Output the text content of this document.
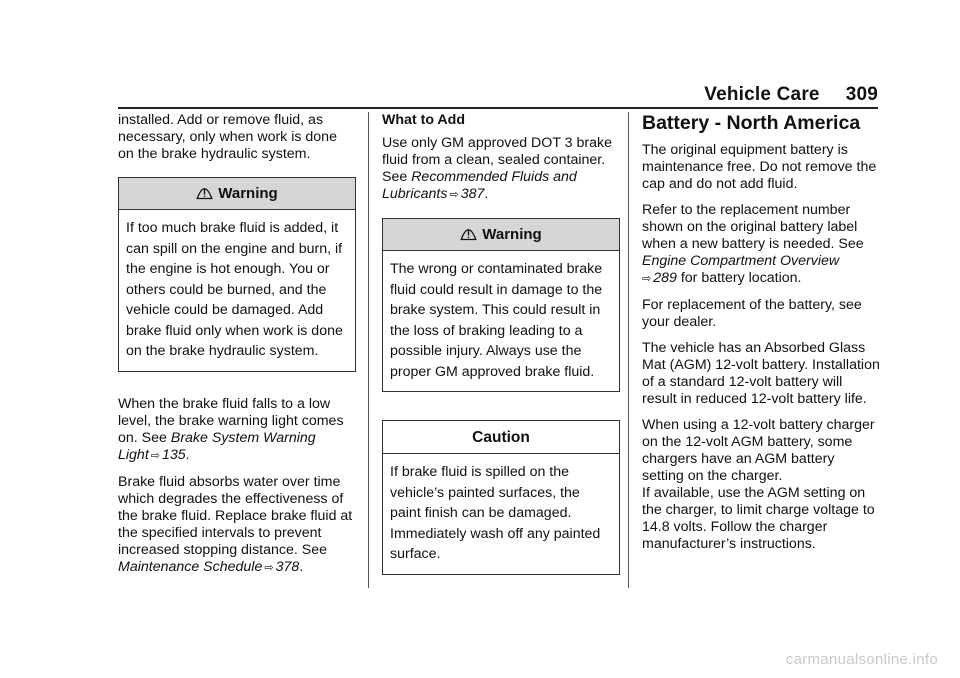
Vehicle Care 309

installed. Add or remove fluid, as necessary, only when work is done on the brake hydraulic system.

Warning
If too much brake fluid is added, it can spill on the engine and burn, if the engine is hot enough. You or others could be burned, and the vehicle could be damaged. Add brake fluid only when work is done on the brake hydraulic system.

When the brake fluid falls to a low level, the brake warning light comes on. See Brake System Warning Light ⇨ 135.

Brake fluid absorbs water over time which degrades the effectiveness of the brake fluid. Replace brake fluid at the specified intervals to prevent increased stopping distance. See Maintenance Schedule ⇨ 378.

What to Add

Use only GM approved DOT 3 brake fluid from a clean, sealed container. See Recommended Fluids and Lubricants ⇨ 387.

Warning
The wrong or contaminated brake fluid could result in damage to the brake system. This could result in the loss of braking leading to a possible injury. Always use the proper GM approved brake fluid.
Caution
If brake fluid is spilled on the vehicle’s painted surfaces, the paint finish can be damaged. Immediately wash off any painted surface.
Battery - North America

The original equipment battery is maintenance free. Do not remove the cap and do not add fluid.

Refer to the replacement number shown on the original battery label when a new battery is needed. See Engine Compartment Overview
⇨ 289 for battery location.

For replacement of the battery, see your dealer.

The vehicle has an Absorbed Glass Mat (AGM) 12-volt battery. Installation of a standard 12-volt battery will result in reduced 12-volt battery life.

When using a 12-volt battery charger on the 12-volt AGM battery, some chargers have an AGM battery setting on the charger.
If available, use the AGM setting on the charger, to limit charge voltage to 14.8 volts. Follow the charger manufacturer’s instructions.

carmanualsonline.info
